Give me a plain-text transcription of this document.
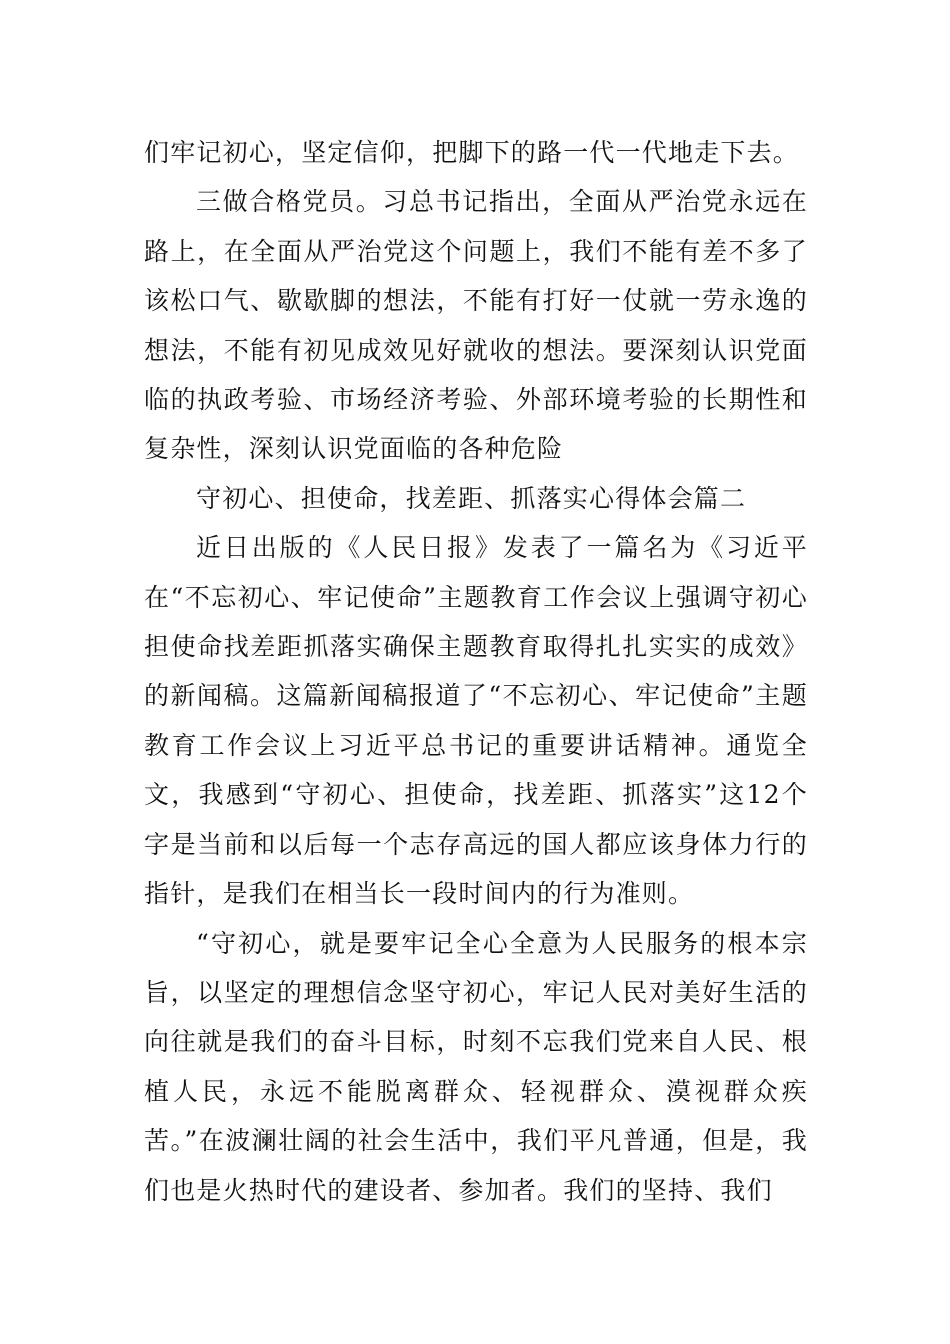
们牢记初心，坚定信仰，把脚下的路一代一代地走下去。

三做合格党员。习总书记指出，全面从严治党永远在路上，在全面从严治党这个问题上，我们不能有差不多了该松口气、歇歇脚的想法，不能有打好一仗就一劳永逸的想法，不能有初见成效见好就收的想法。要深刻认识党面临的执政考验、市场经济考验、外部环境考验的长期性和复杂性，深刻认识党面临的各种危险

守初心、担使命，找差距、抓落实心得体会篇二

近日出版的《人民日报》发表了一篇名为《习近平在“不忘初心、牢记使命”主题教育工作会议上强调守初心担使命找差距抓落实确保主题教育取得扎扎实实的成效》的新闻稿。这篇新闻稿报道了“不忘初心、牢记使命”主题教育工作会议上习近平总书记的重要讲话精神。通览全文，我感到“守初心、担使命，找差距、抓落实”这12个字是当前和以后每一个志存高远的国人都应该身体力行的指针，是我们在相当长一段时间内的行为准则。

“守初心，就是要牢记全心全意为人民服务的根本宗旨，以坚定的理想信念坚守初心，牢记人民对美好生活的向往就是我们的奋斗目标，时刻不忘我们党来自人民、根植人民，永远不能脱离群众、轻视群众、漠视群众疾苦。”在波澜壮阔的社会生活中，我们平凡普通，但是，我们也是火热时代的建设者、参加者。我们的坚持、我们
